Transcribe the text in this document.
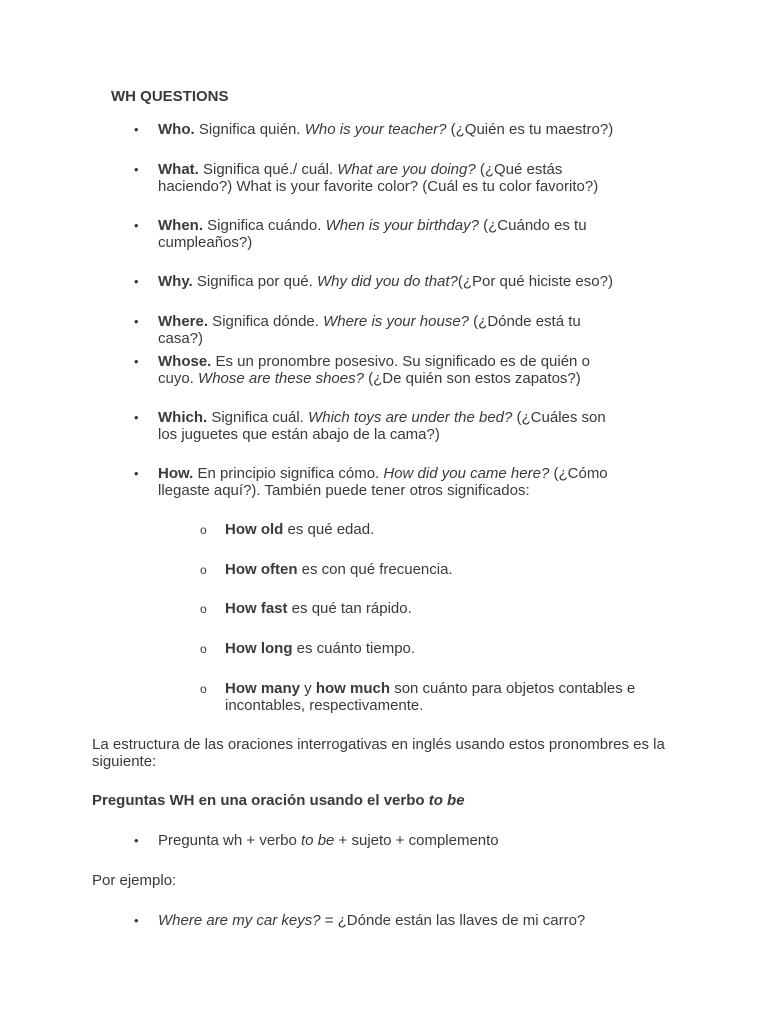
WH QUESTIONS
• Who. Significa quién. Who is your teacher? (¿Quién es tu maestro?)
• What. Significa qué./ cuál. What are you doing? (¿Qué estás haciendo?) What is your favorite color? (Cuál es tu color favorito?)
• When. Significa cuándo. When is your birthday? (¿Cuándo es tu cumpleaños?)
• Why. Significa por qué. Why did you do that?(¿Por qué hiciste eso?)
• Where. Significa dónde. Where is your house? (¿Dónde está tu casa?)
• Whose. Es un pronombre posesivo. Su significado es de quién o cuyo. Whose are these shoes? (¿De quién son estos zapatos?)
• Which. Significa cuál. Which toys are under the bed? (¿Cuáles son los juguetes que están abajo de la cama?)
• How. En principio significa cómo. How did you came here? (¿Cómo llegaste aquí?). También puede tener otros significados:
o How old es qué edad.
o How often es con qué frecuencia.
o How fast es qué tan rápido.
o How long es cuánto tiempo.
o How many y how much son cuánto para objetos contables e incontables, respectivamente.
La estructura de las oraciones interrogativas en inglés usando estos pronombres es la siguiente:
Preguntas WH en una oración usando el verbo to be
• Pregunta wh + verbo to be + sujeto + complemento
Por ejemplo:
• Where are my car keys? = ¿Dónde están las llaves de mi carro?
